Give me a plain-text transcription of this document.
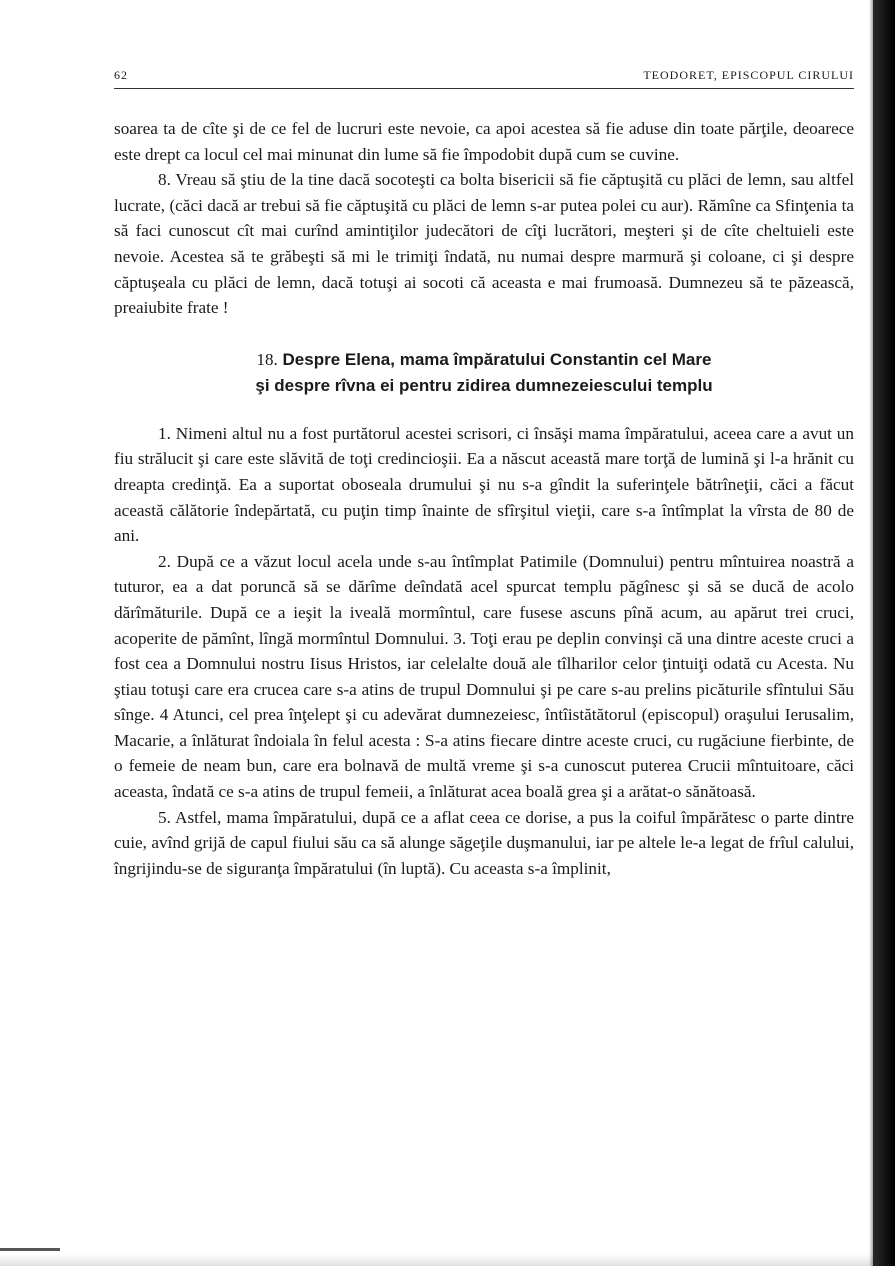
62	TEODORET, EPISCOPUL CIRULUI

soarea ta de cîte şi de ce fel de lucruri este nevoie, ca apoi acestea să fie aduse din toate părţile, deoarece este drept ca locul cel mai minunat din lume să fie împodobit după cum se cuvine.

8. Vreau să ştiu de la tine dacă socoteşti ca bolta bisericii să fie căptuşită cu plăci de lemn, sau altfel lucrate, (căci dacă ar trebui să fie căptuşită cu plăci de lemn s-ar putea polei cu aur). Rămîne ca Sfinţenia ta să faci cunoscut cît mai curînd amintiţilor judecători de cîţi lucrători, meşteri şi de cîte cheltuieli este nevoie. Acestea să te grăbeşti să mi le trimiţi îndată, nu numai despre marmură şi coloane, ci şi despre căptuşeala cu plăci de lemn, dacă totuşi ai socoti că aceasta e mai frumoasă. Dumnezeu să te păzească, preaiubite frate !

18. Despre Elena, mama împăratului Constantin cel Mare
şi despre rîvna ei pentru zidirea dumnezeiescului templu

1. Nimeni altul nu a fost purtătorul acestei scrisori, ci însăşi mama împăratului, aceea care a avut un fiu strălucit şi care este slăvită de toţi credincioşii. Ea a născut această mare torţă de lumină şi l-a hrănit cu dreapta credinţă. Ea a suportat oboseala drumului şi nu s-a gîndit la suferinţele bătrîneţii, căci a făcut această călătorie îndepărtată, cu puţin timp înainte de sfîrşitul vieţii, care s-a întîmplat la vîrsta de 80 de ani.

2. După ce a văzut locul acela unde s-au întîmplat Patimile (Domnului) pentru mîntuirea noastră a tuturor, ea a dat poruncă să se dărîme deîndată acel spurcat templu păgînesc şi să se ducă de acolo dărîmăturile. După ce a ieşit la iveală mormîntul, care fusese ascuns pînă acum, au apărut trei cruci, acoperite de pămînt, lîngă mormîntul Domnului. 3. Toţi erau pe deplin convinşi că una dintre aceste cruci a fost cea a Domnului nostru Iisus Hristos, iar celelalte două ale tîlharilor celor ţintuiţi odată cu Acesta. Nu ştiau totuşi care era crucea care s-a atins de trupul Domnului şi pe care s-au prelins picăturile sfîntului Său sînge. 4 Atunci, cel prea înţelept şi cu adevărat dumnezeiesc, întîistătătorul (episcopul) oraşului Ierusalim, Macarie, a înlăturat îndoiala în felul acesta : S-a atins fiecare dintre aceste cruci, cu rugăciune fierbinte, de o femeie de neam bun, care era bolnavă de multă vreme şi s-a cunoscut puterea Crucii mîntuitoare, căci aceasta, îndată ce s-a atins de trupul femeii, a înlăturat acea boală grea şi a arătat-o sănătoasă.

5. Astfel, mama împăratului, după ce a aflat ceea ce dorise, a pus la coiful împărătesc o parte dintre cuie, avînd grijă de capul fiului său ca să alunge săgeţile duşmanului, iar pe altele le-a legat de frîul calului, îngrijindu-se de siguranţa împăratului (în luptă). Cu aceasta s-a împlinit,
